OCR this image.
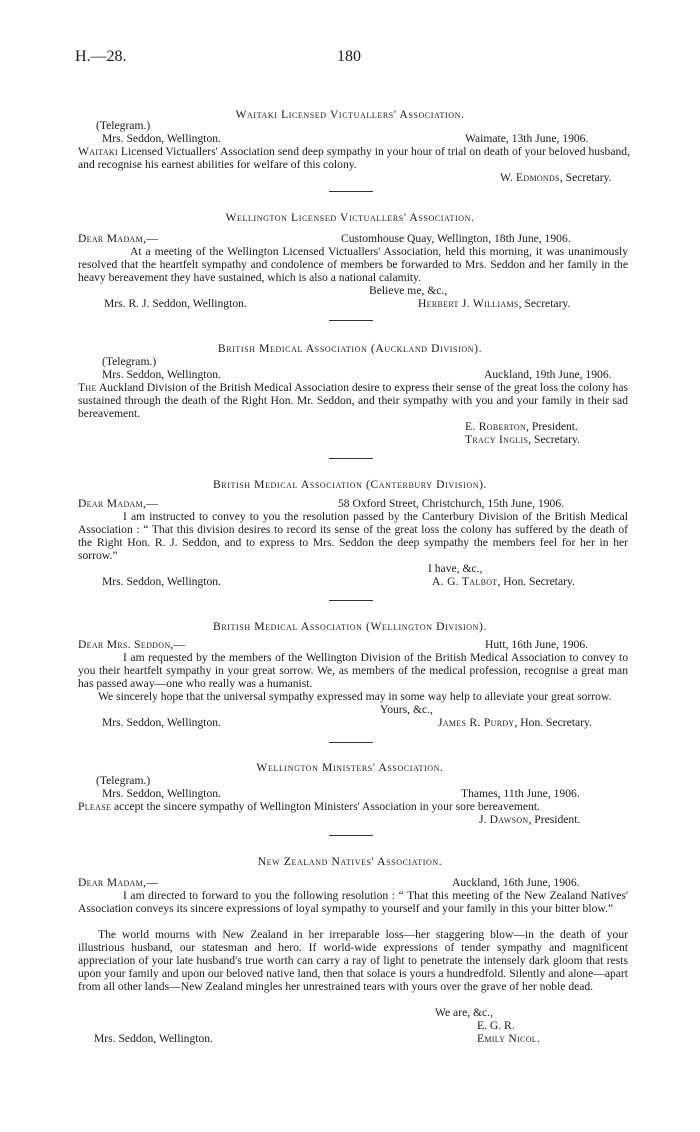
H.—28.	180
Waitaki Licensed Victuallers' Association.
(Telegram.)
Mrs. Seddon, Wellington.	Waimate, 13th June, 1906.
Waitaki Licensed Victuallers' Association send deep sympathy in your hour of trial on death of your beloved husband, and recognise his earnest abilities for welfare of this colony.
W. Edmonds, Secretary.
Wellington Licensed Victuallers' Association.
Dear Madam,—	Customhouse Quay, Wellington, 18th June, 1906.
At a meeting of the Wellington Licensed Victuallers' Association, held this morning, it was unanimously resolved that the heartfelt sympathy and condolence of members be forwarded to Mrs. Seddon and her family in the heavy bereavement they have sustained, which is also a national calamity.
Believe me, &c.,
Mrs. R. J. Seddon, Wellington.	Herbert J. Williams, Secretary.
British Medical Association (Auckland Division).
(Telegram.)
Mrs. Seddon, Wellington.	Auckland, 19th June, 1906.
The Auckland Division of the British Medical Association desire to express their sense of the great loss the colony has sustained through the death of the Right Hon. Mr. Seddon, and their sympathy with you and your family in their sad bereavement.
E. Roberton, President.
Tracy Inglis, Secretary.
British Medical Association (Canterbury Division).
Dear Madam,—	58 Oxford Street, Christchurch, 15th June, 1906.
I am instructed to convey to you the resolution passed by the Canterbury Division of the British Medical Association : “ That this division desires to record its sense of the great loss the colony has suffered by the death of the Right Hon. R. J. Seddon, and to express to Mrs. Seddon the deep sympathy the members feel for her in her sorrow.”
I have, &c.,
Mrs. Seddon, Wellington.	A. G. Talbot, Hon. Secretary.
British Medical Association (Wellington Division).
Dear Mrs. Seddon,—	Hutt, 16th June, 1906.
I am requested by the members of the Wellington Division of the British Medical Association to convey to you their heartfelt sympathy in your great sorrow. We, as members of the medical profession, recognise a great man has passed away—one who really was a humanist.
We sincerely hope that the universal sympathy expressed may in some way help to alleviate your great sorrow.
Yours, &c.,
Mrs. Seddon, Wellington.	James R. Purdy, Hon. Secretary.
Wellington Ministers' Association.
(Telegram.)
Mrs. Seddon, Wellington.	Thames, 11th June, 1906.
Please accept the sincere sympathy of Wellington Ministers' Association in your sore bereavement.
J. Dawson, President.
New Zealand Natives' Association.
Dear Madam,—	Auckland, 16th June, 1906.
I am directed to forward to you the following resolution : “ That this meeting of the New Zealand Natives' Association conveys its sincere expressions of loyal sympathy to yourself and your family in this your bitter blow.”
The world mourns with New Zealand in her irreparable loss—her staggering blow—in the death of your illustrious husband, our statesman and hero. If world-wide expressions of tender sympathy and magnificent appreciation of your late husband's true worth can carry a ray of light to penetrate the intensely dark gloom that rests upon your family and upon our beloved native land, then that solace is yours a hundredfold. Silently and alone—apart from all other lands—New Zealand mingles her unrestrained tears with yours over the grave of her noble dead.
We are, &c.,
E. G. R.
Mrs. Seddon, Wellington.	Emily Nicol.
